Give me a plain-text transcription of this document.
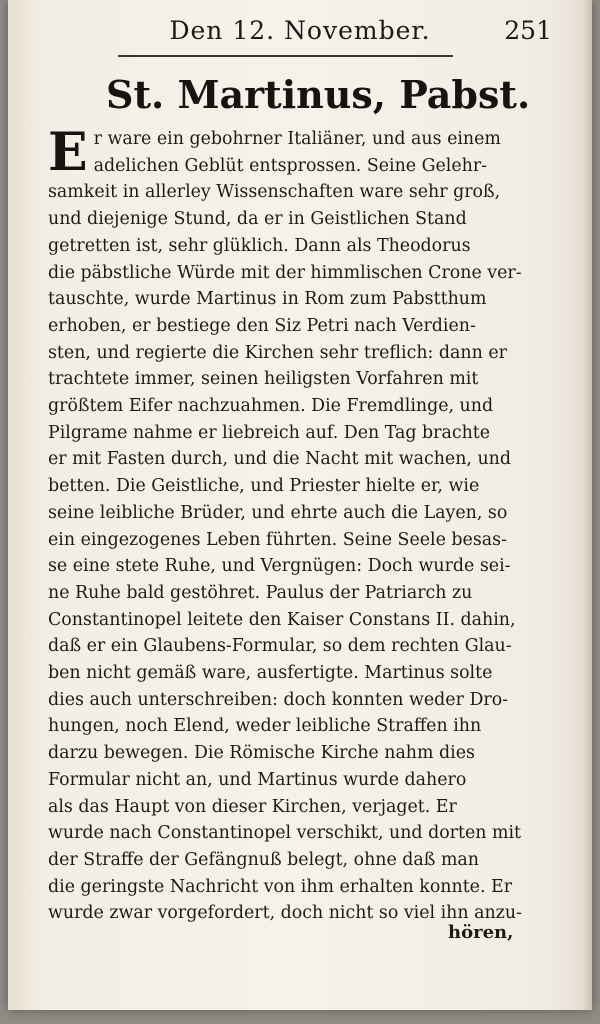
Den 12. November.	251
St. Martinus, Pabst.
E r ware ein gebohrner Italiäner, und aus einem
adelichen Geblüt entsprossen. Seine Gelehr-
samkeit in allerley Wissenschaften ware sehr groß,
und diejenige Stund, da er in Geistlichen Stand
getretten ist, sehr glüklich. Dann als Theodorus
die päbstliche Würde mit der himmlischen Crone ver-
tauschte, wurde Martinus in Rom zum Pabstthum
erhoben, er bestiege den Siz Petri nach Verdien-
sten, und regierte die Kirchen sehr treflich: dann er
trachtete immer, seinen heiligsten Vorfahren mit
größtem Eifer nachzuahmen. Die Fremdlinge, und
Pilgrame nahme er liebreich auf. Den Tag brachte
er mit Fasten durch, und die Nacht mit wachen, und
betten. Die Geistliche, und Priester hielte er, wie
seine leibliche Brüder, und ehrte auch die Layen, so
ein eingezogenes Leben führten. Seine Seele besas-
se eine stete Ruhe, und Vergnügen: Doch wurde sei-
ne Ruhe bald gestöhret. Paulus der Patriarch zu
Constantinopel leitete den Kaiser Constans II. dahin,
daß er ein Glaubens-Formular, so dem rechten Glau-
ben nicht gemäß ware, ausfertigte. Martinus solte
dies auch unterschreiben: doch konnten weder Dro-
hungen, noch Elend, weder leibliche Straffen ihn
darzu bewegen. Die Römische Kirche nahm dies
Formular nicht an, und Martinus wurde dahero
als das Haupt von dieser Kirchen, verjaget. Er
wurde nach Constantinopel verschikt, und dorten mit
der Straffe der Gefängnuß belegt, ohne daß man
die geringste Nachricht von ihm erhalten konnte. Er
wurde zwar vorgefordert, doch nicht so viel ihn anzu-
hören,
